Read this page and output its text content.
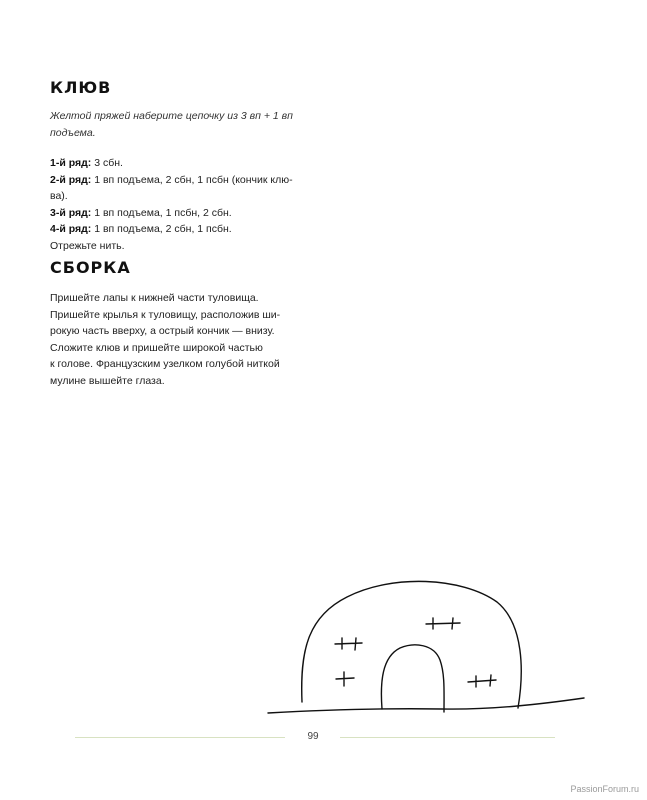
КЛЮВ
Желтой пряжей наберите цепочку из 3 вп + 1 вп
подъема.
1-й ряд: 3 сбн.
2-й ряд: 1 вп подъема, 2 сбн, 1 псбн (кончик клю-
ва).
3-й ряд: 1 вп подъема, 1 псбн, 2 сбн.
4-й ряд: 1 вп подъема, 2 сбн, 1 псбн.
Отрежьте нить.
СБОРКА
Пришейте лапы к нижней части туловища.
Пришейте крылья к туловищу, расположив ши-
рокую часть вверху, а острый кончик — внизу.
Сложите клюв и пришейте широкой частью
к голове. Французским узелком голубой ниткой
мулине вышейте глаза.
99
PassionForum.ru
